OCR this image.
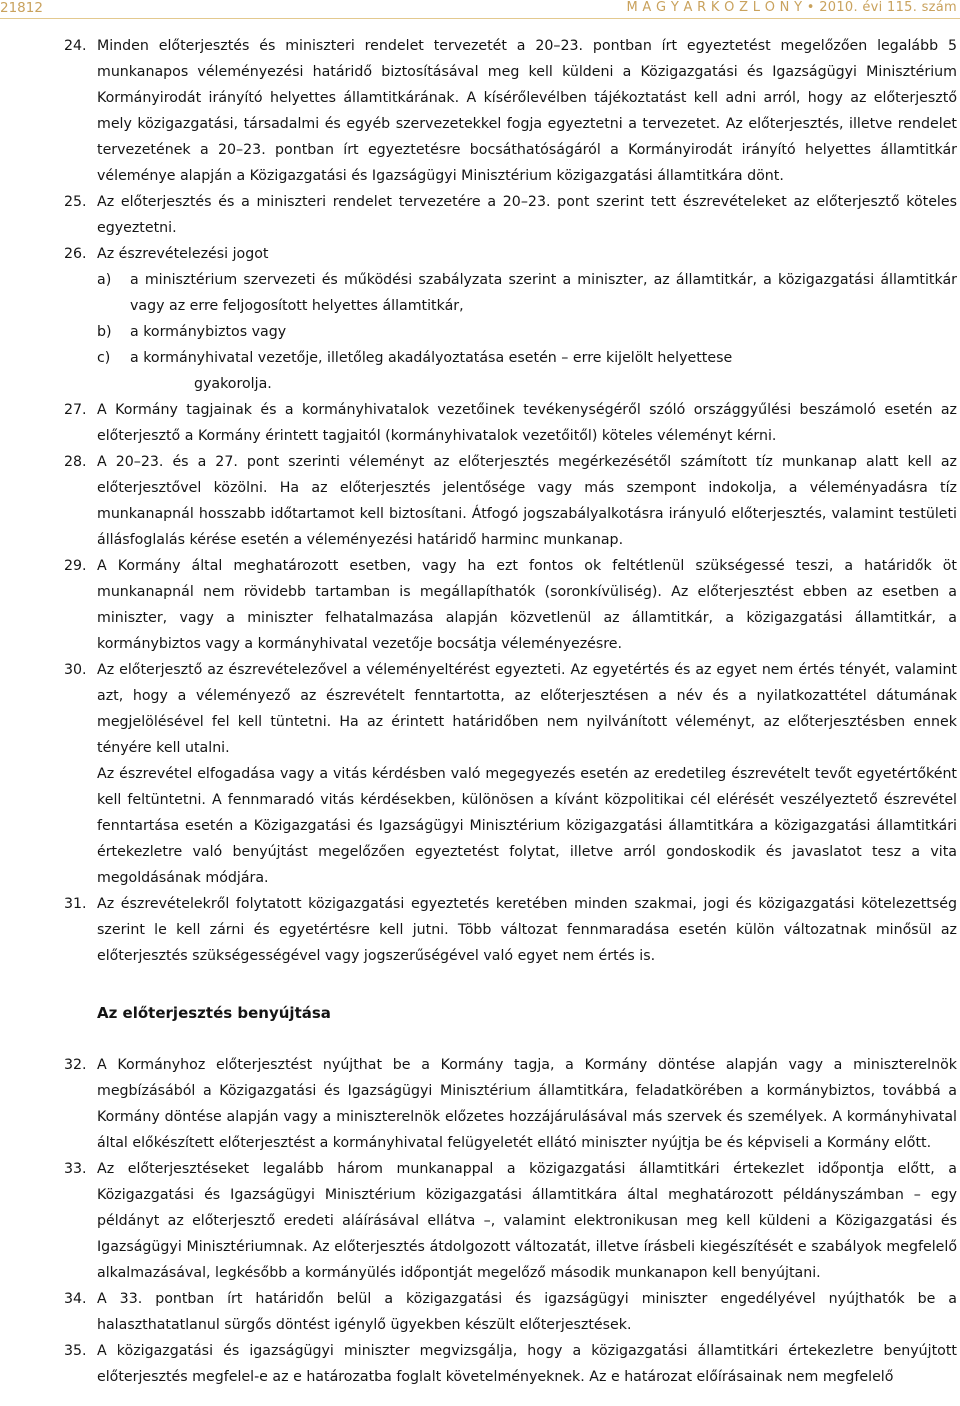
21812	M A G Y A R K Ö Z L Ö N Y • 2010. évi 115. szám
24. Minden előterjesztés és miniszteri rendelet tervezetét a 20–23. pontban írt egyeztetést megelőzően legalább 5 munkanapos véleményezési határidő biztosításával meg kell küldeni a Közigazgatási és Igazságügyi Minisztérium Kormányirodát irányító helyettes államtitkárának. A kísérőlevélben tájékoztatást kell adni arról, hogy az előterjesztő mely közigazgatási, társadalmi és egyéb szervezetekkel fogja egyeztetni a tervezetet. Az előterjesztés, illetve rendelet tervezetének a 20–23. pontban írt egyeztetésre bocsáthatóságáról a Kormányirodát irányító helyettes államtitkár véleménye alapján a Közigazgatási és Igazságügyi Minisztérium közigazgatási államtitkára dönt.

25. Az előterjesztés és a miniszteri rendelet tervezetére a 20–23. pont szerint tett észrevételeket az előterjesztő köteles egyeztetni.

26. Az észrevételezési jogot

a) a minisztérium szervezeti és működési szabályzata szerint a miniszter, az államtitkár, a közigazgatási államtitkár vagy az erre feljogosított helyettes államtitkár,

b) a kormánybiztos vagy

c) a kormányhivatal vezetője, illetőleg akadályoztatása esetén – erre kijelölt helyettese

gyakorolja.

27. A Kormány tagjainak és a kormányhivatalok vezetőinek tevékenységéről szóló országgyűlési beszámoló esetén az előterjesztő a Kormány érintett tagjaitól (kormányhivatalok vezetőitől) köteles véleményt kérni.

28. A 20–23. és a 27. pont szerinti véleményt az előterjesztés megérkezésétől számított tíz munkanap alatt kell az előterjesztővel közölni. Ha az előterjesztés jelentősége vagy más szempont indokolja, a véleményadásra tíz munkanapnál hosszabb időtartamot kell biztosítani. Átfogó jogszabályalkotásra irányuló előterjesztés, valamint testületi állásfoglalás kérése esetén a véleményezési határidő harminc munkanap.

29. A Kormány által meghatározott esetben, vagy ha ezt fontos ok feltétlenül szükségessé teszi, a határidők öt munkanapnál nem rövidebb tartamban is megállapíthatók (soronkívüliség). Az előterjesztést ebben az esetben a miniszter, vagy a miniszter felhatalmazása alapján közvetlenül az államtitkár, a közigazgatási államtitkár, a kormánybiztos vagy a kormányhivatal vezetője bocsátja véleményezésre.

30. Az előterjesztő az észrevételezővel a véleményeltérést egyezteti. Az egyetértés és az egyet nem értés tényét, valamint azt, hogy a véleményező az észrevételt fenntartotta, az előterjesztésen a név és a nyilatkozattétel dátumának megjelölésével fel kell tüntetni. Ha az érintett határidőben nem nyilvánított véleményt, az előterjesztésben ennek tényére kell utalni.

Az észrevétel elfogadása vagy a vitás kérdésben való megegyezés esetén az eredetileg észrevételt tevőt egyetértőként kell feltüntetni. A fennmaradó vitás kérdésekben, különösen a kívánt közpolitikai cél elérését veszélyeztető észrevétel fenntartása esetén a Közigazgatási és Igazságügyi Minisztérium közigazgatási államtitkára a közigazgatási államtitkári értekezletre való benyújtást megelőzően egyeztetést folytat, illetve arról gondoskodik és javaslatot tesz a vita megoldásának módjára.

31. Az észrevételekről folytatott közigazgatási egyeztetés keretében minden szakmai, jogi és közigazgatási kötelezettség szerint le kell zárni és egyetértésre kell jutni. Több változat fennmaradása esetén külön változatnak minősül az előterjesztés szükségességével vagy jogszerűségével való egyet nem értés is.

Az előterjesztés benyújtása
32. A Kormányhoz előterjesztést nyújthat be a Kormány tagja, a Kormány döntése alapján vagy a miniszterelnök megbízásából a Közigazgatási és Igazságügyi Minisztérium államtitkára, feladatkörében a kormánybiztos, továbbá a Kormány döntése alapján vagy a miniszterelnök előzetes hozzájárulásával más szervek és személyek. A kormányhivatal által előkészített előterjesztést a kormányhivatal felügyeletét ellátó miniszter nyújtja be és képviseli a Kormány előtt.

33. Az előterjesztéseket legalább három munkanappal a közigazgatási államtitkári értekezlet időpontja előtt, a Közigazgatási és Igazságügyi Minisztérium közigazgatási államtitkára által meghatározott példányszámban – egy példányt az előterjesztő eredeti aláírásával ellátva –, valamint elektronikusan meg kell küldeni a Közigazgatási és Igazságügyi Minisztériumnak. Az előterjesztés átdolgozott változatát, illetve írásbeli kiegészítését e szabályok megfelelő alkalmazásával, legkésőbb a kormányülés időpontját megelőző második munkanapon kell benyújtani.

34. A 33. pontban írt határidőn belül a közigazgatási és igazságügyi miniszter engedélyével nyújthatók be a halaszthatatlanul sürgős döntést igénylő ügyekben készült előterjesztések.

35. A közigazgatási és igazságügyi miniszter megvizsgálja, hogy a közigazgatási államtitkári értekezletre benyújtott előterjesztés megfelel-e az e határozatba foglalt követelményeknek. Az e határozat előírásainak nem megfelelő
